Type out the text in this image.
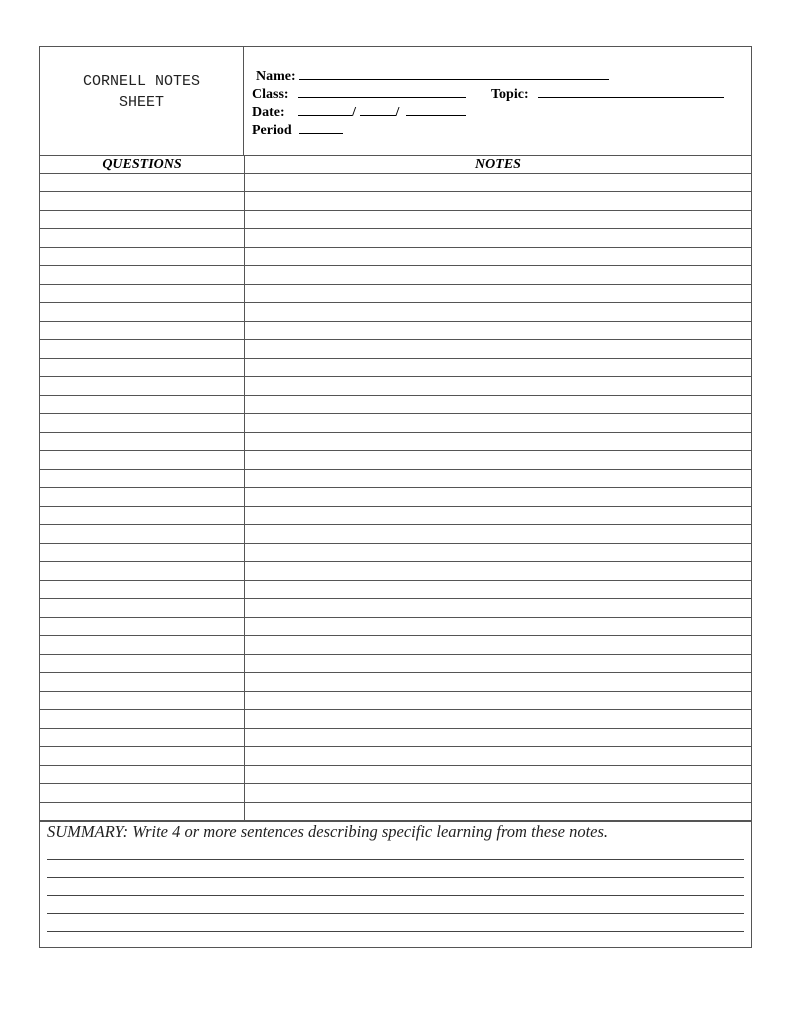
CORNELL NOTES
SHEET
Name:
Class:	Topic:
Date:	/	/
Period
QUESTIONS	NOTES
SUMMARY: Write 4 or more sentences describing specific learning from these notes.
